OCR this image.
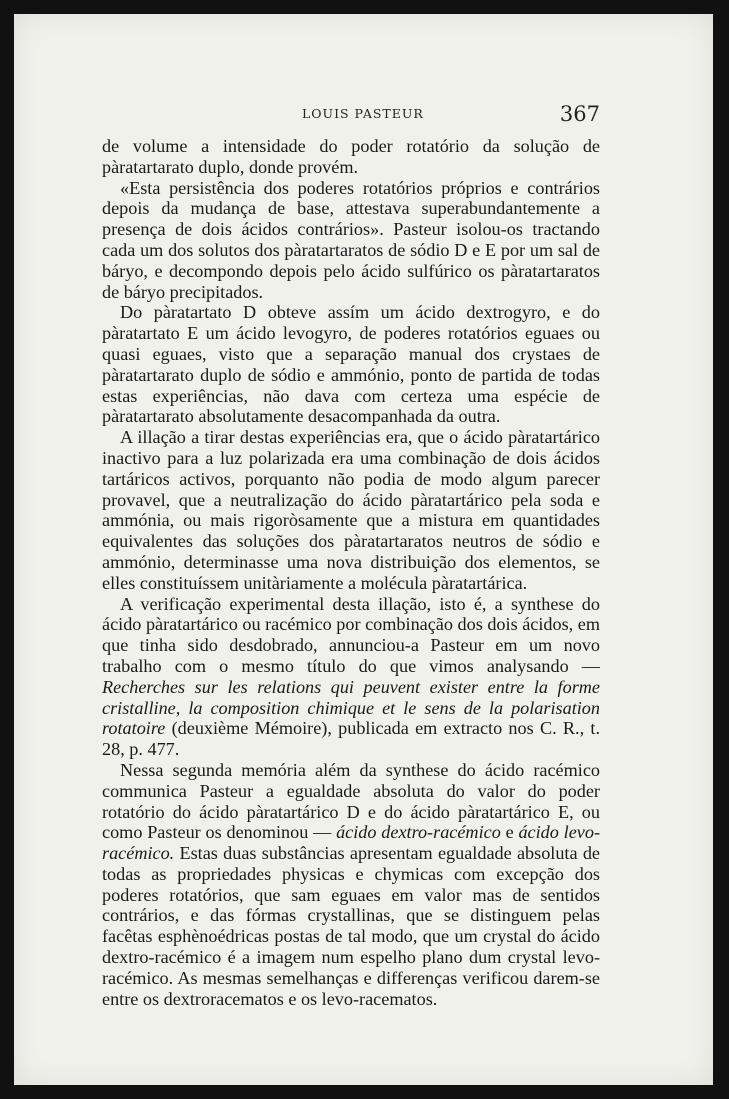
LOUIS PASTEUR	367

de volume a intensidade do poder rotatório da solução de pàratartarato duplo, donde provém.

«Esta persistência dos poderes rotatórios próprios e contrários depois da mudança de base, attestava superabundantemente a presença de dois ácidos contrários». Pasteur isolou-os tractando cada um dos solutos dos pàratartaratos de sódio D e E por um sal de báryo, e decompondo depois pelo ácido sulfúrico os pàratartaratos de báryo precipitados.

Do pàratartato D obteve assím um ácido dextrogyro, e do pàratartato E um ácido levogyro, de poderes rotatórios eguaes ou quasi eguaes, visto que a separação manual dos crystaes de pàratartarato duplo de sódio e ammónio, ponto de partida de todas estas experiências, não dava com certeza uma espécie de pàratartarato absolutamente desacompanhada da outra.

A illação a tirar destas experiências era, que o ácido pàratartárico inactivo para a luz polarizada era uma combinação de dois ácidos tartáricos activos, porquanto não podia de modo algum parecer provavel, que a neutralização do ácido pàratartárico pela soda e ammónia, ou mais rigoròsamente que a mistura em quantidades equivalentes das soluções dos pàratartaratos neutros de sódio e ammónio, determinasse uma nova distribuição dos elementos, se elles constituíssem unitàriamente a molécula pàratartárica.

A verificação experimental desta illação, isto é, a synthese do ácido pàratartárico ou racémico por combinação dos dois ácidos, em que tinha sido desdobrado, annunciou-a Pasteur em um novo trabalho com o mesmo título do que vimos analysando — Recherches sur les relations qui peuvent exister entre la forme cristalline, la composition chimique et le sens de la polarisation rotatoire (deuxième Mémoire), publicada em extracto nos C. R., t. 28, p. 477.

Nessa segunda memória além da synthese do ácido racémico communica Pasteur a egualdade absoluta do valor do poder rotatório do ácido pàratartárico D e do ácido pàratartárico E, ou como Pasteur os denominou — ácido dextro-racémico e ácido levo-racémico. Estas duas substâncias apresentam egualdade absoluta de todas as propriedades physicas e chymicas com excepção dos poderes rotatórios, que sam eguaes em valor mas de sentidos contrários, e das fórmas crystallinas, que se distinguem pelas facêtas esphènoédricas postas de tal modo, que um crystal do ácido dextro-racémico é a imagem num espelho plano dum crystal levo-racémico. As mesmas semelhanças e differenças verificou darem-se entre os dextroracematos e os levo-racematos.
